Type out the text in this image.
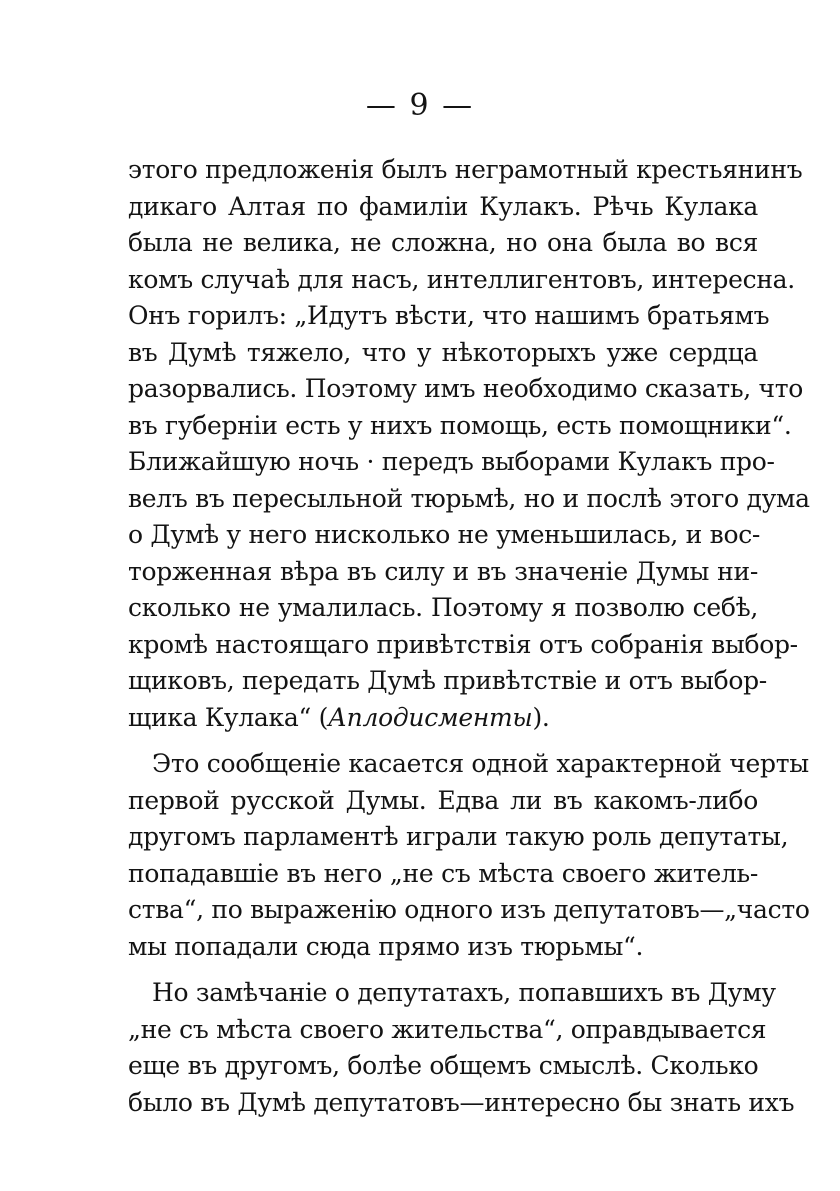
— 9 —
этого предложенія былъ неграмотный крестьянинъ
дикаго Алтая по фамиліи Кулакъ. Рѣчь Кулака
была не велика, не сложна, но она была во вся
комъ случаѣ для насъ, интеллигентовъ, интересна.
Онъ горилъ: „Идутъ вѣсти, что нашимъ братьямъ
въ Думѣ тяжело, что у нѣкоторыхъ уже сердца
разорвались. Поэтому имъ необходимо сказать, что
въ губерніи есть у нихъ помощь, есть помощники“.
Ближайшую ночь · передъ выборами Кулакъ про-
велъ въ пересыльной тюрьмѣ, но и послѣ этого дума
о Думѣ у него нисколько не уменьшилась, и вос-
торженная вѣра въ силу и въ значеніе Думы ни-
сколько не умалилась. Поэтому я позволю себѣ,
кромѣ настоящаго привѣтствія отъ собранія выбор-
щиковъ, передать Думѣ привѣтствіе и отъ выбор-
щика Кулака“ (Аплодисменты).
Это сообщеніе касается одной характерной черты
первой русской Думы. Едва ли въ какомъ-либо
другомъ парламентѣ играли такую роль депутаты,
попадавшіе въ него „не съ мѣста своего житель-
ства“, по выраженію одного изъ депутатовъ—„часто
мы попадали сюда прямо изъ тюрьмы“.
Но замѣчаніе о депутатахъ, попавшихъ въ Думу
„не съ мѣста своего жительства“, оправдывается
еще въ другомъ, болѣе общемъ смыслѣ. Сколько
было въ Думѣ депутатовъ—интересно бы знать ихъ
